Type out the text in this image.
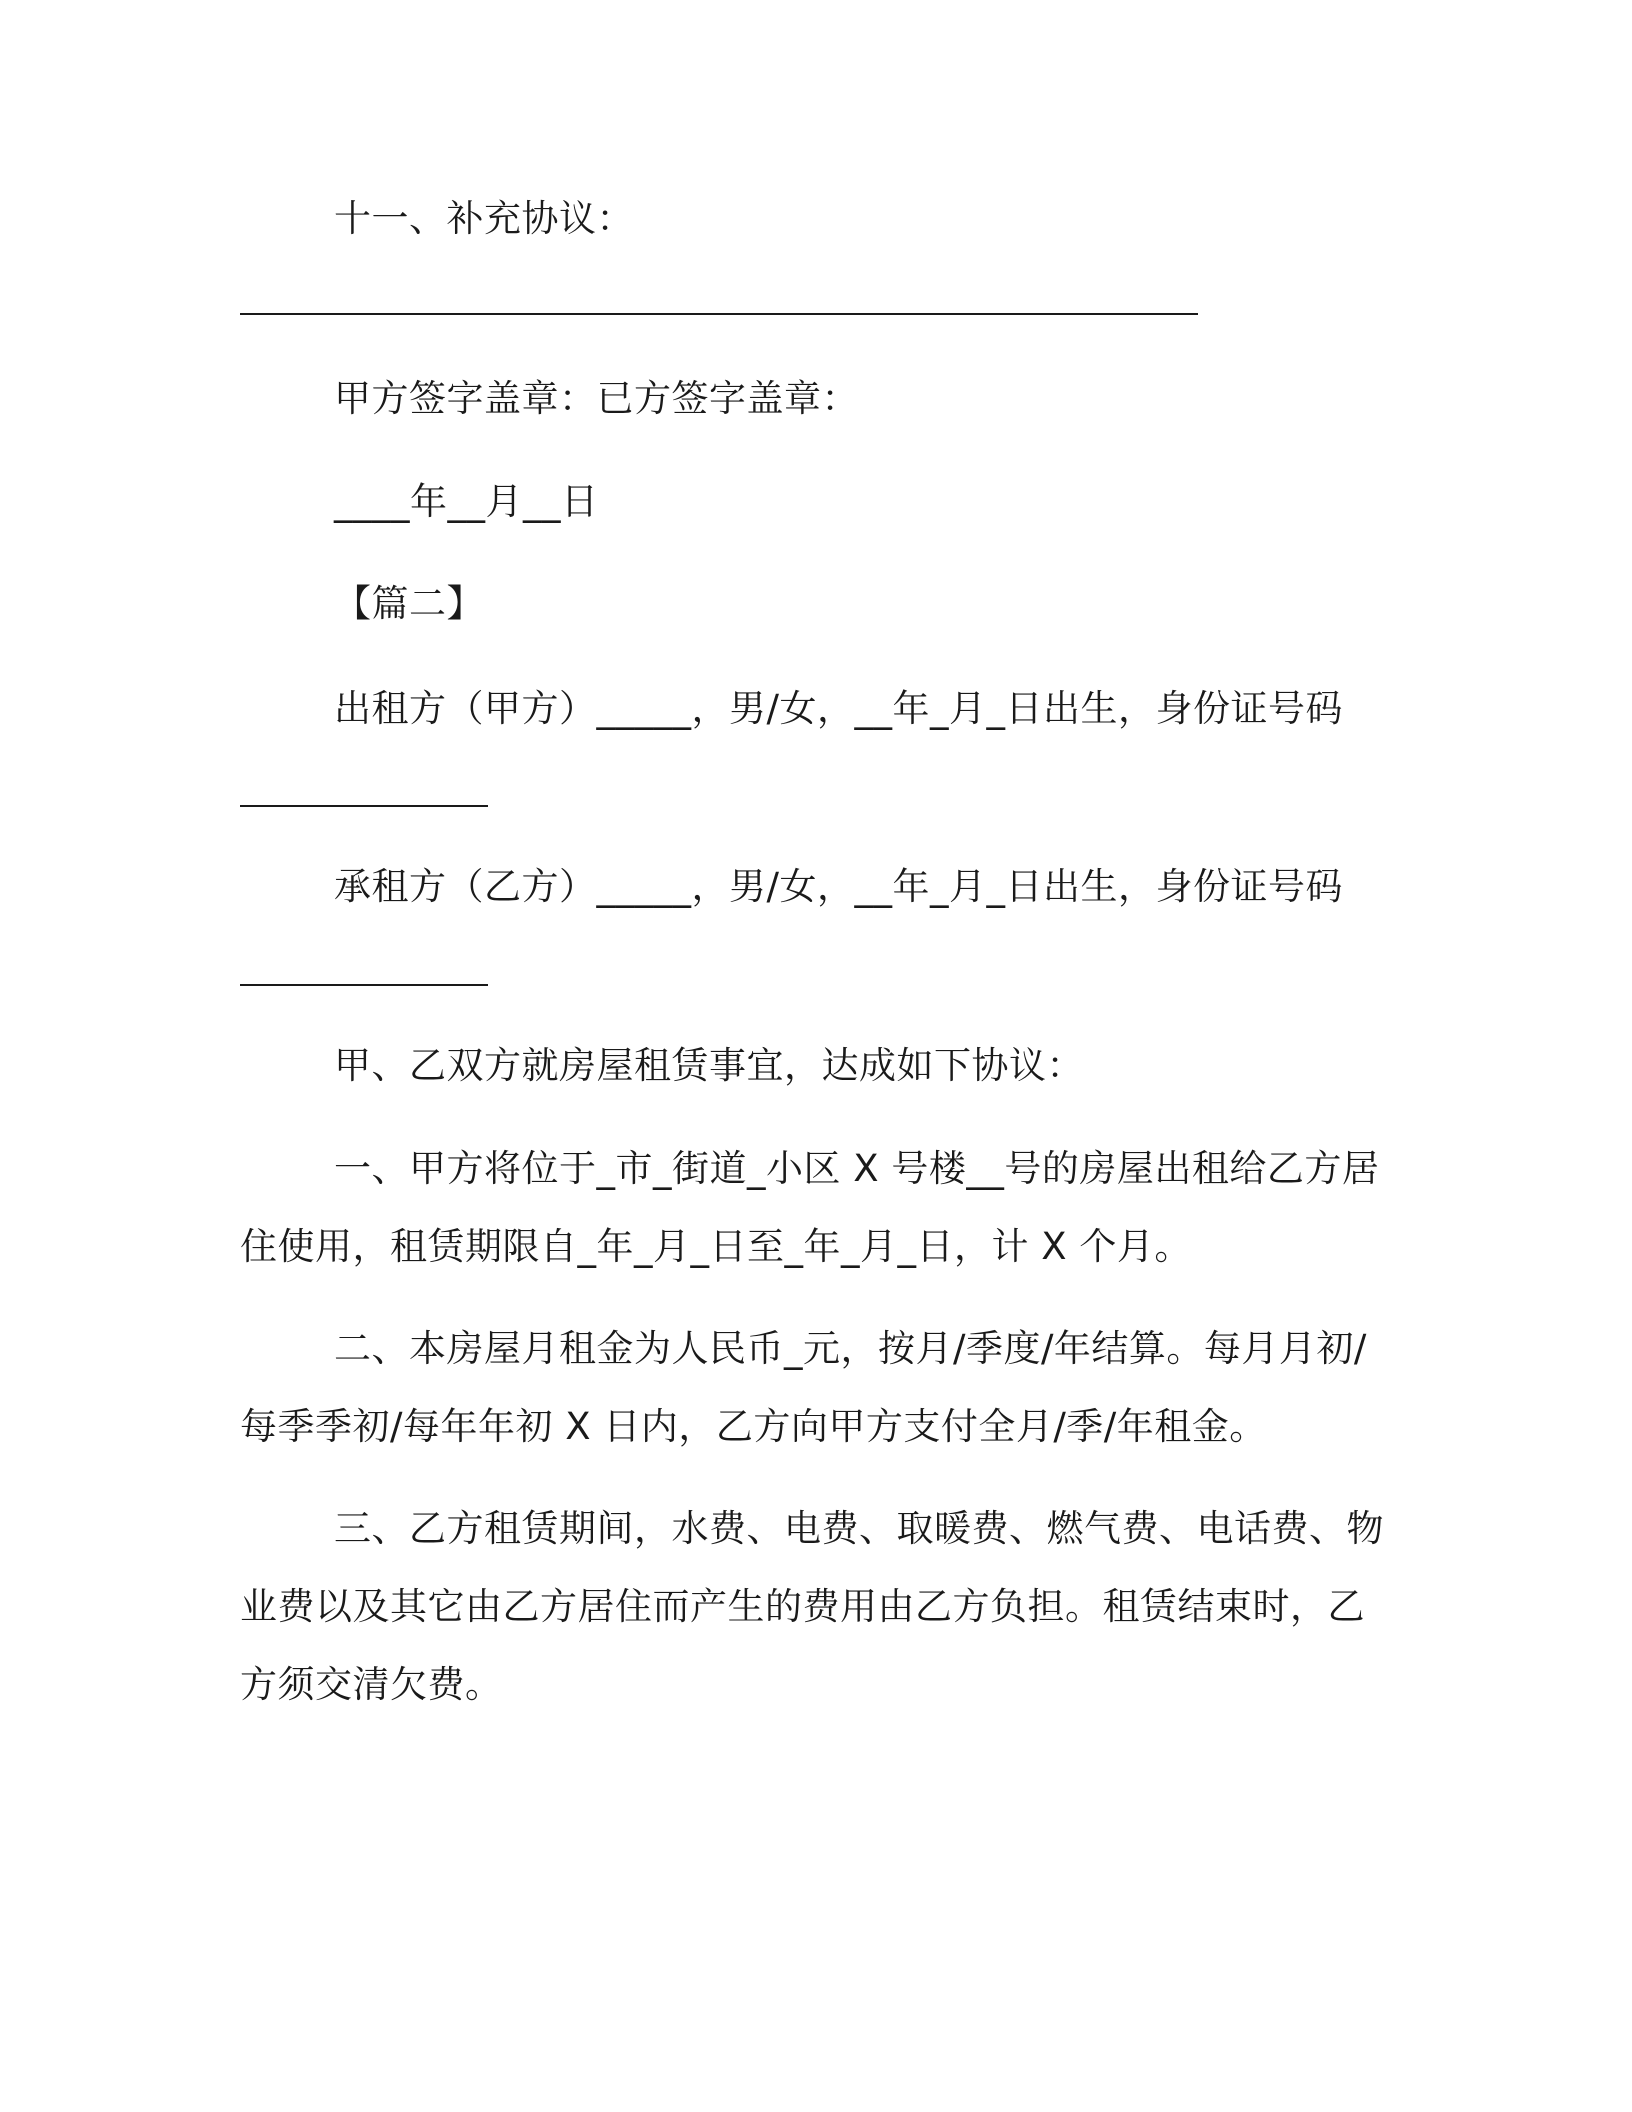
十一、补充协议：

甲方签字盖章：已方签字盖章：

____年__月__日

【篇二】

出租方（甲方）_____，男/女，__年_月_日出生，身份证号码

承租方（乙方）_____，男/女，__年_月_日出生，身份证号码

甲、乙双方就房屋租赁事宜，达成如下协议：

一、甲方将位于_市_街道_小区 X 号楼__号的房屋出租给乙方居

住使用，租赁期限自_年_月_日至_年_月_日，计 X 个月。

二、本房屋月租金为人民币_元，按月/季度/年结算。每月月初/

每季季初/每年年初 X 日内，乙方向甲方支付全月/季/年租金。

三、乙方租赁期间，水费、电费、取暖费、燃气费、电话费、物

业费以及其它由乙方居住而产生的费用由乙方负担。租赁结束时，乙

方须交清欠费。
